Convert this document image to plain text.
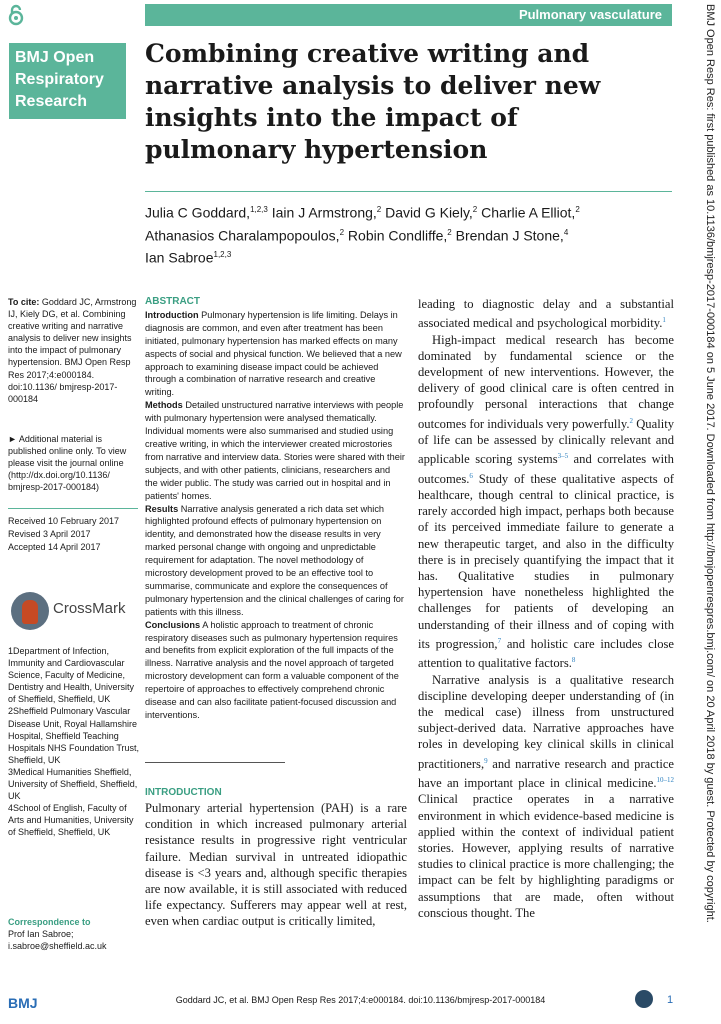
Pulmonary vasculature
BMJ Open
Respiratory
Research
Combining creative writing and narrative analysis to deliver new insights into the impact of pulmonary hypertension
Julia C Goddard,$^{1,2,3}$ Iain J Armstrong,$^2$ David G Kiely,$^2$ Charlie A Elliot,$^2$
Athanasios Charalampopoulos,$^2$ Robin Condliffe,$^2$ Brendan J Stone,$^4$
Ian Sabroe$^{1,2,3}$
To cite: Goddard JC, Armstrong IJ, Kiely DG, et al. Combining creative writing and narrative analysis to deliver new insights into the impact of pulmonary hypertension. BMJ Open Resp Res 2017;4:e000184. doi:10.1136/ bmjresp-2017-000184
► Additional material is published online only. To view please visit the journal online (http://dx.doi.org/10.1136/ bmjresp-2017-000184)
Received 10 February 2017
Revised 3 April 2017
Accepted 14 April 2017
CrossMark
1Department of Infection, Immunity and Cardiovascular Science, Faculty of Medicine, Dentistry and Health, University of Sheffield, Sheffield, UK
2Sheffield Pulmonary Vascular Disease Unit, Royal Hallamshire Hospital, Sheffield Teaching Hospitals NHS Foundation Trust, Sheffield, UK
3Medical Humanities Sheffield, University of Sheffield, Sheffield, UK
4School of English, Faculty of Arts and Humanities, University of Sheffield, Sheffield, UK
Correspondence to
Prof Ian Sabroe; i.sabroe@sheffield.ac.uk
ABSTRACT
Introduction Pulmonary hypertension is life limiting. Delays in diagnosis are common, and even after treatment has been initiated, pulmonary hypertension has marked effects on many aspects of social and physical function. We believed that a new approach to examining disease impact could be achieved through a combination of narrative research and creative writing.
Methods Detailed unstructured narrative interviews with people with pulmonary hypertension were analysed thematically. Individual moments were also summarised and studied using creative writing, in which the interviewer created microstories from narrative and interview data. Stories were shared with their subjects, and with other patients, clinicians, researchers and the wider public. The study was carried out in hospital and in patients' homes.
Results Narrative analysis generated a rich data set which highlighted profound effects of pulmonary hypertension on identity, and demonstrated how the disease results in very marked personal change with ongoing and unpredictable requirement for adaptation. The novel methodology of microstory development proved to be an effective tool to summarise, communicate and explore the consequences of pulmonary hypertension and the clinical challenges of caring for patients with this illness.
Conclusions A holistic approach to treatment of chronic respiratory diseases such as pulmonary hypertension requires and benefits from explicit exploration of the full impacts of the illness. Narrative analysis and the novel approach of targeted microstory development can form a valuable component of the repertoire of approaches to effectively comprehend chronic disease and can also facilitate patient-focused discussion and interventions.
INTRODUCTION

Pulmonary arterial hypertension (PAH) is a rare condition in which increased pulmonary arterial resistance results in progressive right ventricular failure. Median survival in untreated idiopathic disease is <3 years and, although specific therapies are now available, it is still associated with reduced life expectancy. Sufferers may appear well at rest, even when cardiac output is critically limited,

leading to diagnostic delay and a substantial associated medical and psychological morbidity.$^1$

High-impact medical research has become dominated by fundamental science or the development of new interventions. However, the delivery of good clinical care is often centred in profoundly personal interactions that change outcomes for individuals very powerfully.$^2$ Quality of life can be assessed by clinically relevant and applicable scoring systems$^{3-5}$ and correlates with outcomes.$^6$ Study of these qualitative aspects of healthcare, though central to clinical practice, is rarely accorded high impact, perhaps both because of its perceived immediate failure to generate a new therapeutic target, and also in the difficulty there is in precisely quantifying the impact that it has. Qualitative studies in pulmonary hypertension have nonetheless highlighted the challenges for patients of developing an understanding of their illness and of coping with its progression,$^7$ and holistic care includes close attention to qualitative factors.$^8$

Narrative analysis is a qualitative research discipline developing deeper understanding of (in the medical case) illness from unstructured subject-derived data. Narrative approaches have roles in developing key clinical skills in clinical practitioners,$^9$ and narrative research and practice have an important place in clinical medicine.$^{10-12}$ Clinical practice operates in a narrative environment in which evidence-based medicine is applied within the context of individual patient stories. However, applying results of narrative studies to clinical practice is more challenging; the impact can be felt by highlighting paradigms or assumptions that are made, often without conscious thought. The	BMJ Open Resp Res: first published as 10.1136/bmjresp-2017-000184 on 5 June 2017. Downloaded from http://bmjopenrespres.bmj.com/ on 20 April 2018 by guest. Protected by copyright.
BMJ	Goddard JC, et al. BMJ Open Resp Res 2017;4:e000184. doi:10.1136/bmjresp-2017-000184	1
